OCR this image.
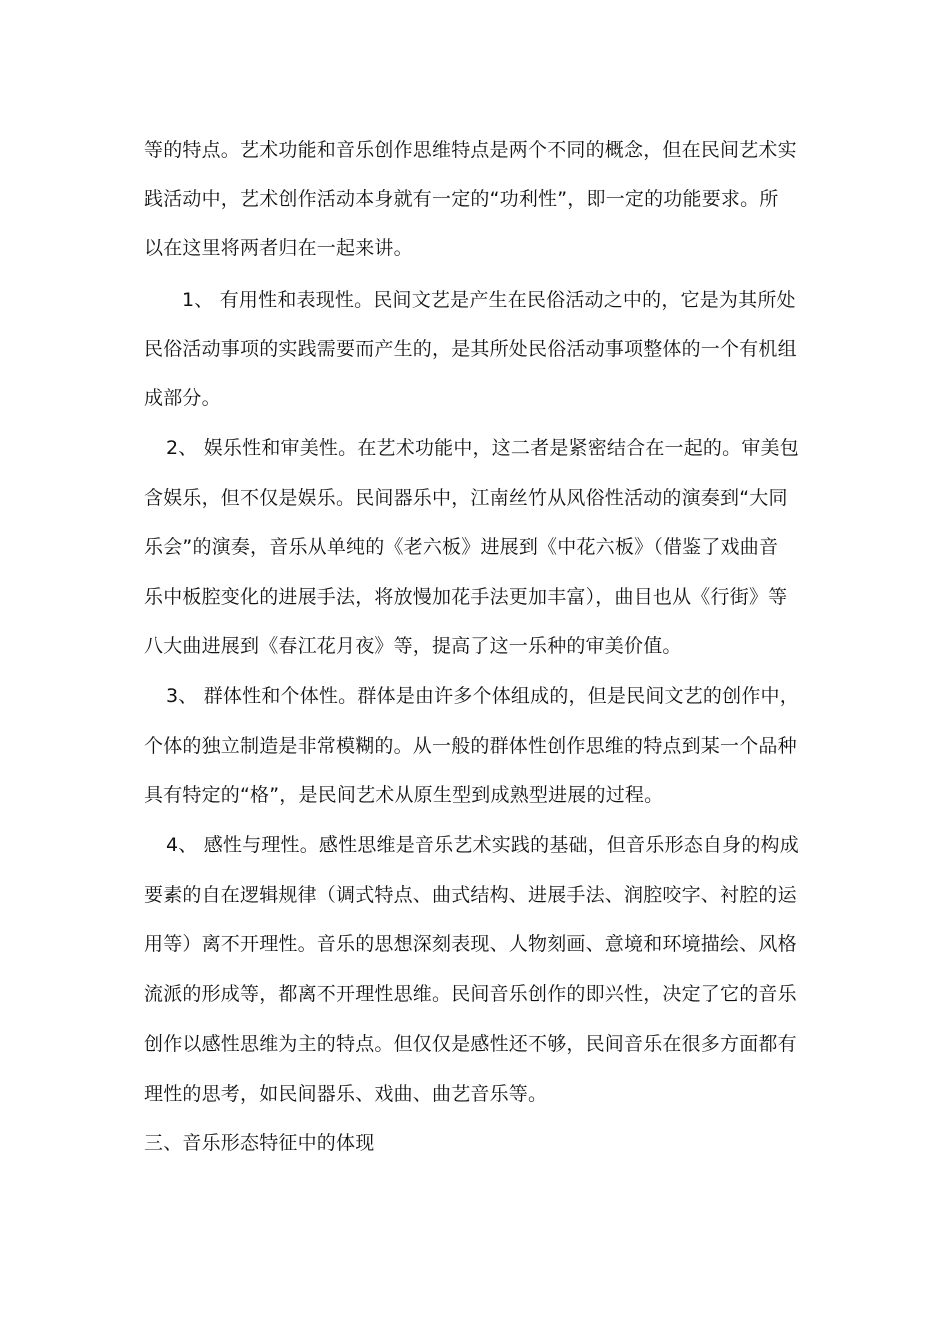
等的特点。艺术功能和音乐创作思维特点是两个不同的概念，但在民间艺术实
践活动中，艺术创作活动本身就有一定的“功利性”，即一定的功能要求。所
以在这里将两者归在一起来讲。
1、 有用性和表现性。民间文艺是产生在民俗活动之中的，它是为其所处
民俗活动事项的实践需要而产生的，是其所处民俗活动事项整体的一个有机组
成部分。
2、 娱乐性和审美性。在艺术功能中，这二者是紧密结合在一起的。审美包
含娱乐，但不仅是娱乐。民间器乐中，江南丝竹从风俗性活动的演奏到“大同
乐会”的演奏，音乐从单纯的《老六板》进展到《中花六板》（借鉴了戏曲音
乐中板腔变化的进展手法，将放慢加花手法更加丰富），曲目也从《行街》等
八大曲进展到《春江花月夜》等，提高了这一乐种的审美价值。
3、 群体性和个体性。群体是由许多个体组成的，但是民间文艺的创作中，
个体的独立制造是非常模糊的。从一般的群体性创作思维的特点到某一个品种
具有特定的“格”，是民间艺术从原生型到成熟型进展的过程。
4、 感性与理性。感性思维是音乐艺术实践的基础，但音乐形态自身的构成
要素的自在逻辑规律（调式特点、曲式结构、进展手法、润腔咬字、衬腔的运
用等）离不开理性。音乐的思想深刻表现、人物刻画、意境和环境描绘、风格
流派的形成等，都离不开理性思维。民间音乐创作的即兴性，决定了它的音乐
创作以感性思维为主的特点。但仅仅是感性还不够，民间音乐在很多方面都有
理性的思考，如民间器乐、戏曲、曲艺音乐等。
三、音乐形态特征中的体现
